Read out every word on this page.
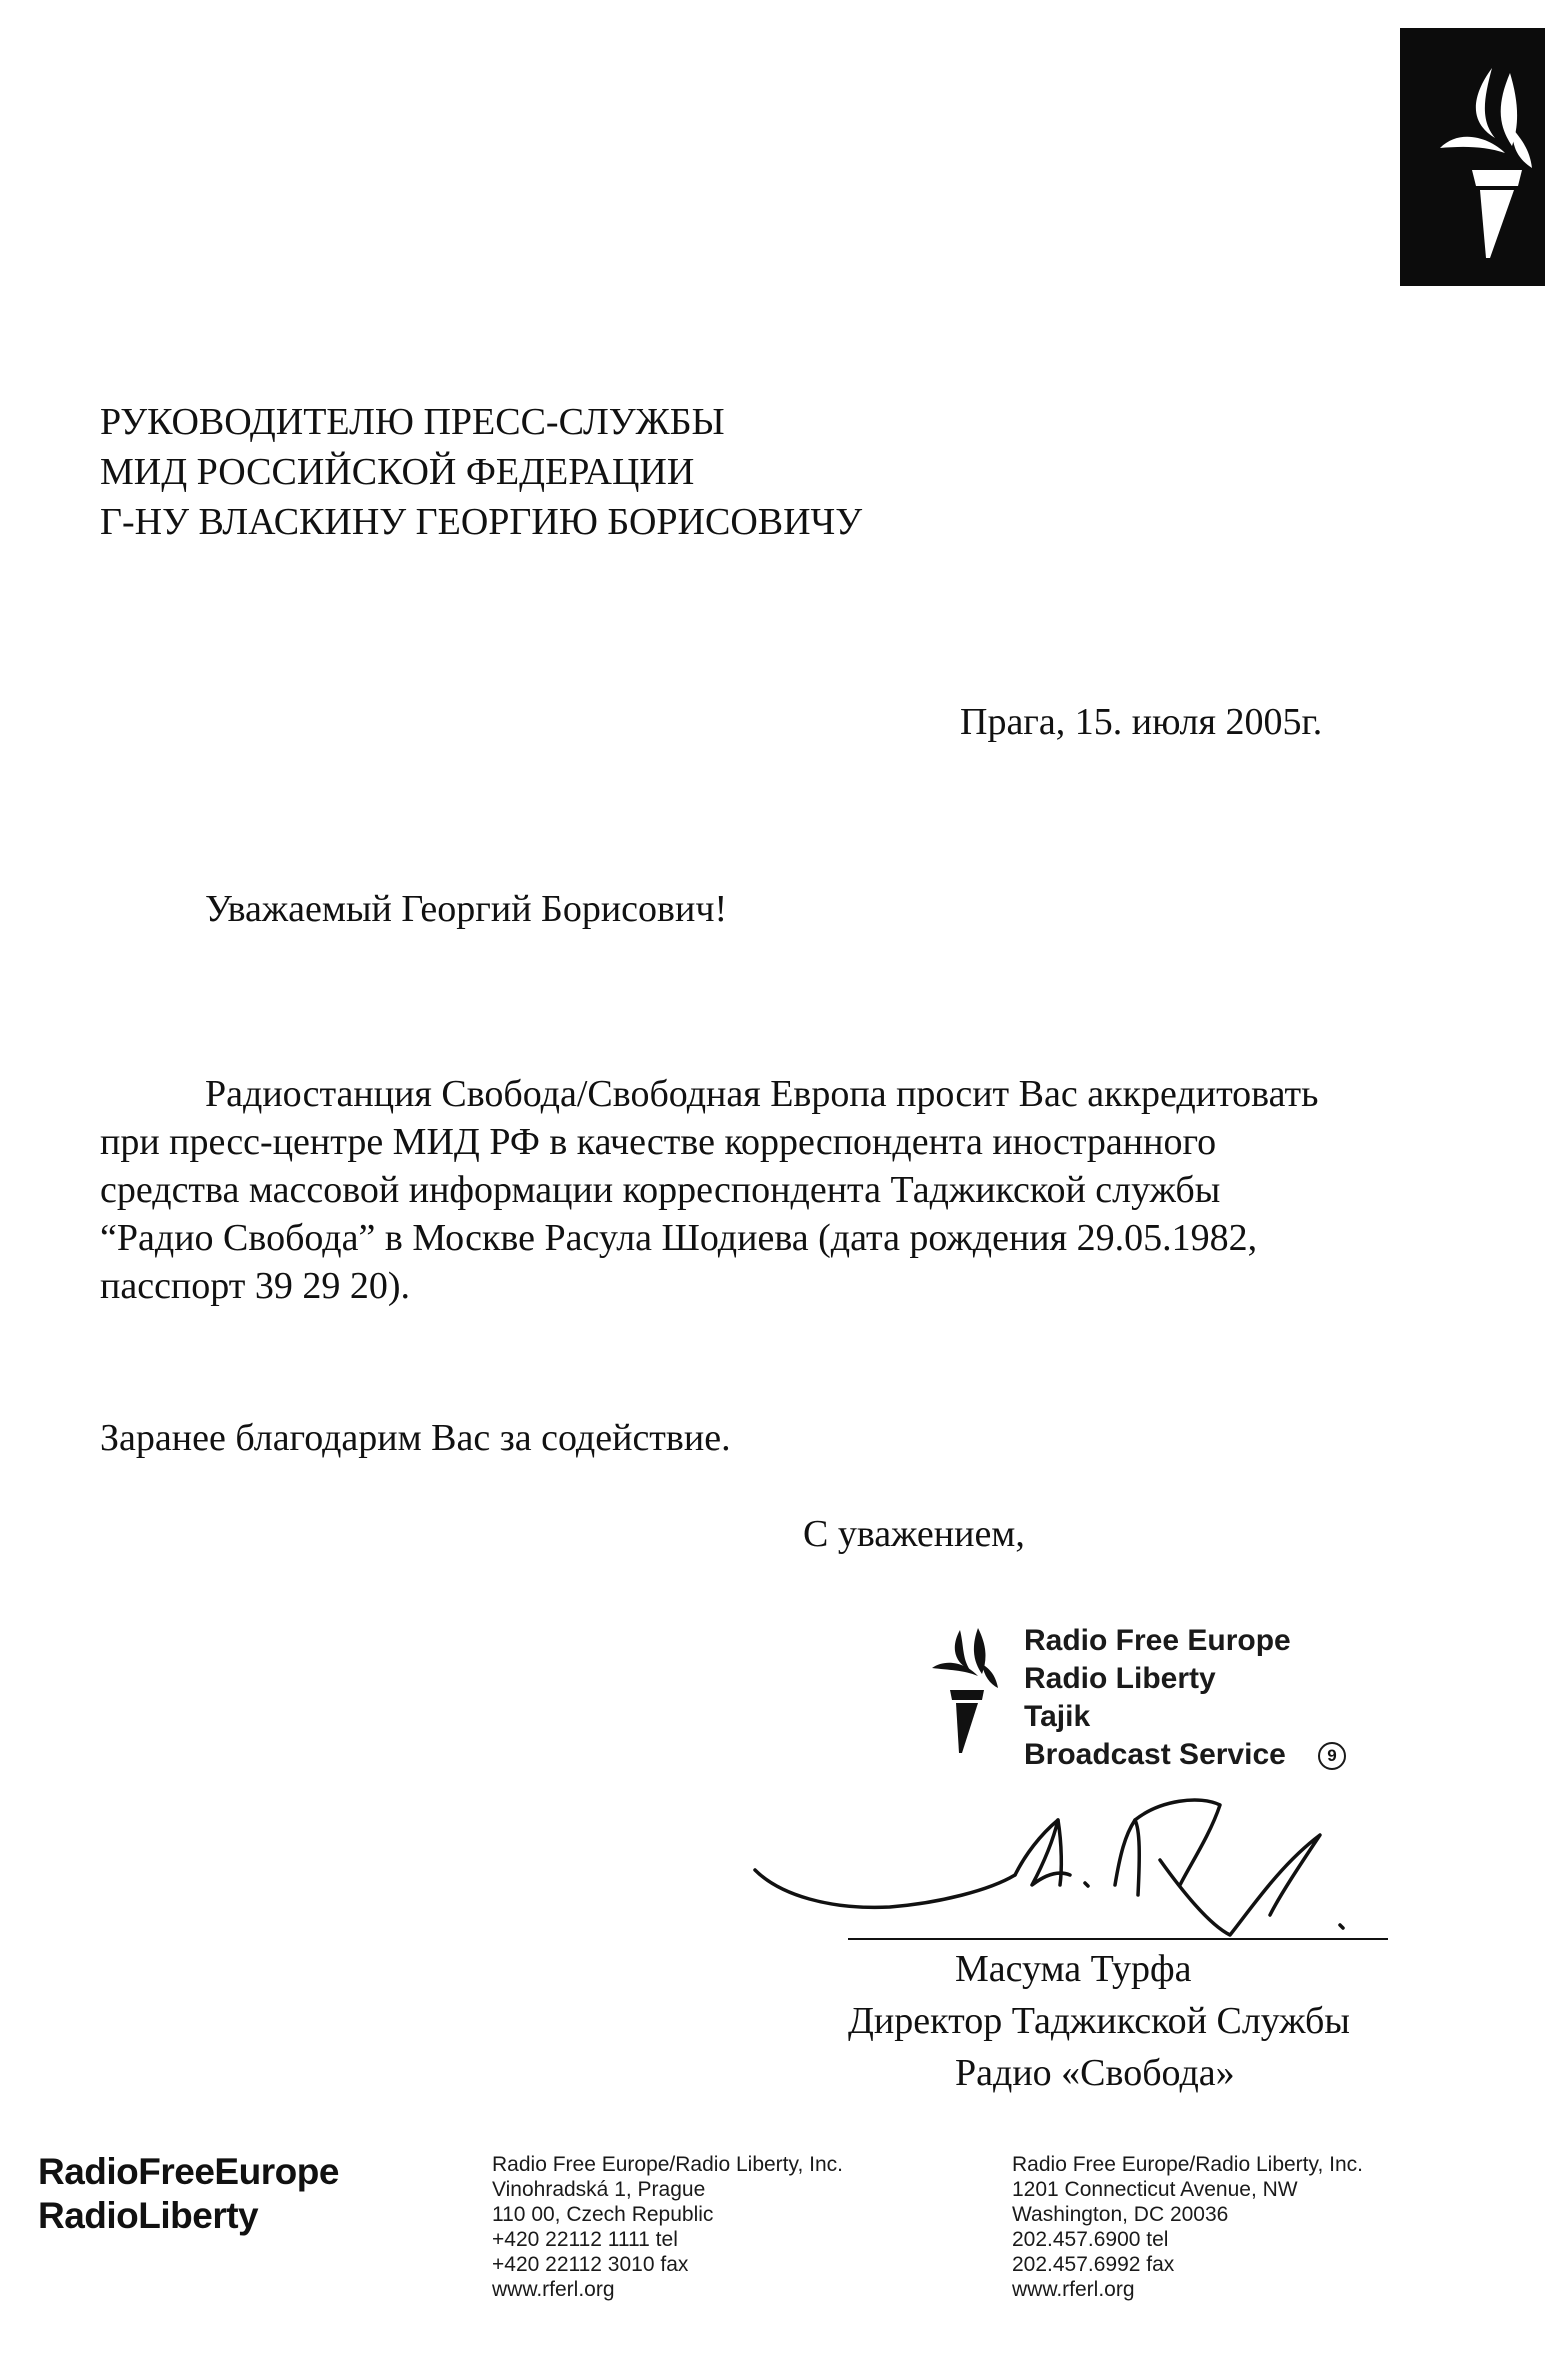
РУКОВОДИТЕЛЮ ПРЕСС-СЛУЖБЫ
МИД РОССИЙСКОЙ ФЕДЕРАЦИИ
Г-НУ ВЛАСКИНУ ГЕОРГИЮ БОРИСОВИЧУ
Прага, 15. июля 2005г.
Уважаемый Георгий Борисович!
Радиостанция Свобода/Свободная Европа просит Вас аккредитовать
при пресс-центре МИД РФ в качестве корреспондента иностранного
средства массовой информации корреспондента Таджикской службы
“Радио Свобода” в Москве Расула Шодиева (дата рождения 29.05.1982,
пасспорт 39 29 20).
Заранее благодарим Вас за содействие.
С уважением,
Radio Free Europe
Radio Liberty
Tajik
Broadcast Service	9
Масума Турфа
Директор Таджикской Службы
Радио «Свобода»
RadioFreeEurope
RadioLiberty
Radio Free Europe/Radio Liberty, Inc.
Vinohradská 1, Prague
110 00, Czech Republic
+420 22112 1111 tel
+420 22112 3010 fax
www.rferl.org
Radio Free Europe/Radio Liberty, Inc.
1201 Connecticut Avenue, NW
Washington, DC 20036
202.457.6900 tel
202.457.6992 fax
www.rferl.org
